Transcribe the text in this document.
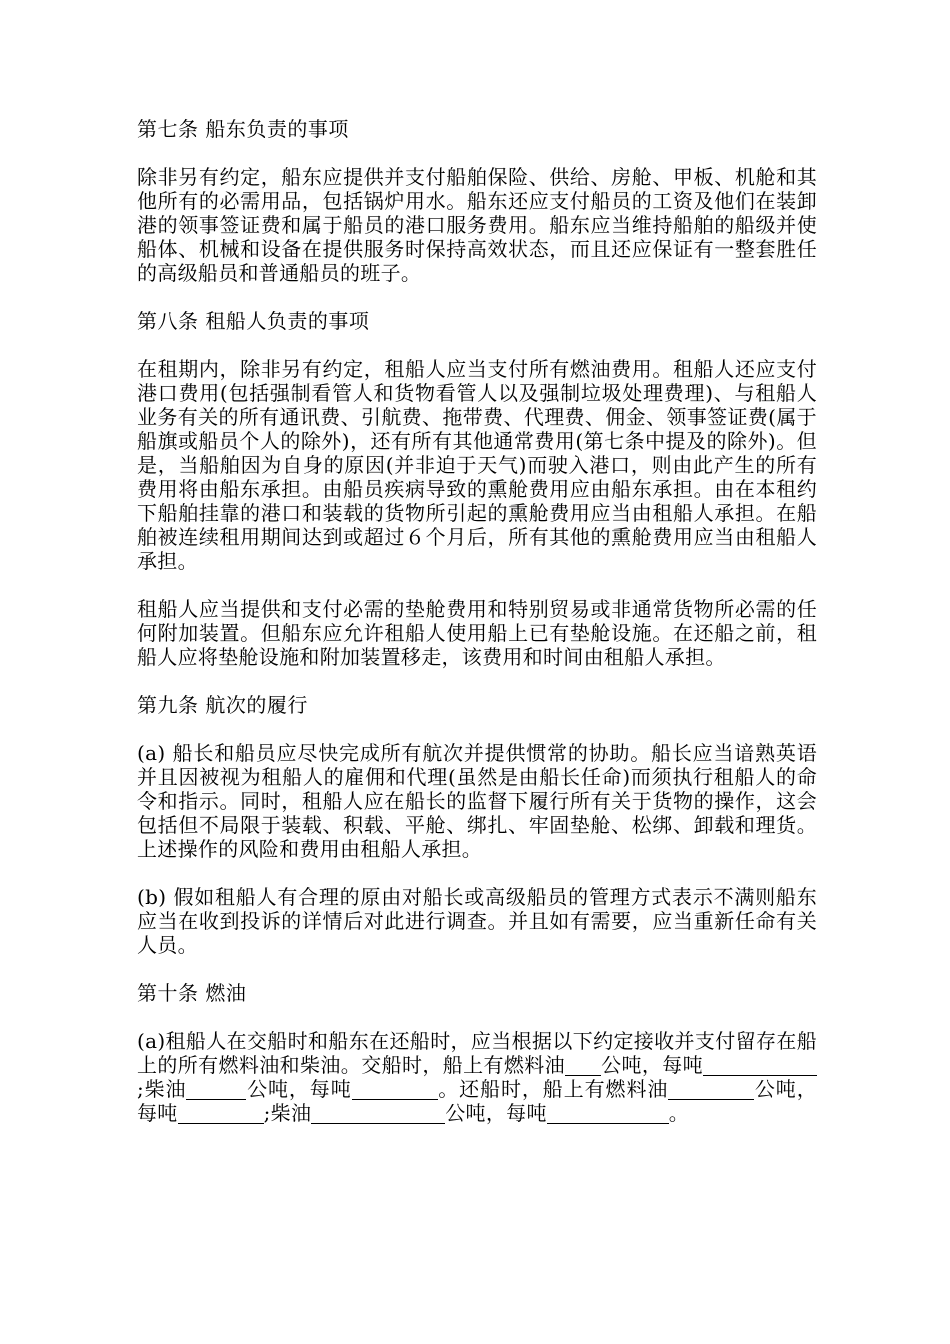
第七条 船东负责的事项
除非另有约定，船东应提供并支付船舶保险、供给、房舱、甲板、机舱和其他所有的必需用品，包括锅炉用水。船东还应支付船员的工资及他们在装卸港的领事签证费和属于船员的港口服务费用。船东应当维持船舶的船级并使船体、机械和设备在提供服务时保持高效状态，而且还应保证有一整套胜任的高级船员和普通船员的班子。
第八条 租船人负责的事项
在租期内，除非另有约定，租船人应当支付所有燃油费用。租船人还应支付港口费用(包括强制看管人和货物看管人以及强制垃圾处理费理)、与租船人业务有关的所有通讯费、引航费、拖带费、代理费、佣金、领事签证费(属于船旗或船员个人的除外)，还有所有其他通常费用(第七条中提及的除外)。但是，当船舶因为自身的原因(并非迫于天气)而驶入港口，则由此产生的所有费用将由船东承担。由船员疾病导致的熏舱费用应由船东承担。由在本租约下船舶挂靠的港口和装载的货物所引起的熏舱费用应当由租船人承担。在船舶被连续租用期间达到或超过６个月后，所有其他的熏舱费用应当由租船人承担。
租船人应当提供和支付必需的垫舱费用和特别贸易或非通常货物所必需的任何附加装置。但船东应允许租船人使用船上已有垫舱设施。在还船之前，租船人应将垫舱设施和附加装置移走，该费用和时间由租船人承担。
第九条 航次的履行
(a) 船长和船员应尽快完成所有航次并提供惯常的协助。船长应当谙熟英语并且因被视为租船人的雇佣和代理(虽然是由船长任命)而须执行租船人的命令和指示。同时，租船人应在船长的监督下履行所有关于货物的操作，这会包括但不局限于装载、积载、平舱、绑扎、牢固垫舱、松绑、卸载和理货。上述操作的风险和费用由租船人承担。
(b) 假如租船人有合理的原由对船长或高级船员的管理方式表示不满则船东应当在收到投诉的详情后对此进行调查。并且如有需要，应当重新任命有关人员。
第十条 燃油
(a)租船人在交船时和船东在还船时，应当根据以下约定接收并支付留存在船上的所有燃料油和柴油。交船时，船上有燃料油 公吨，每吨;柴油	公吨，每吨	。还船时，船上有燃料油	公吨，每吨	;柴油	公吨，每吨	。
